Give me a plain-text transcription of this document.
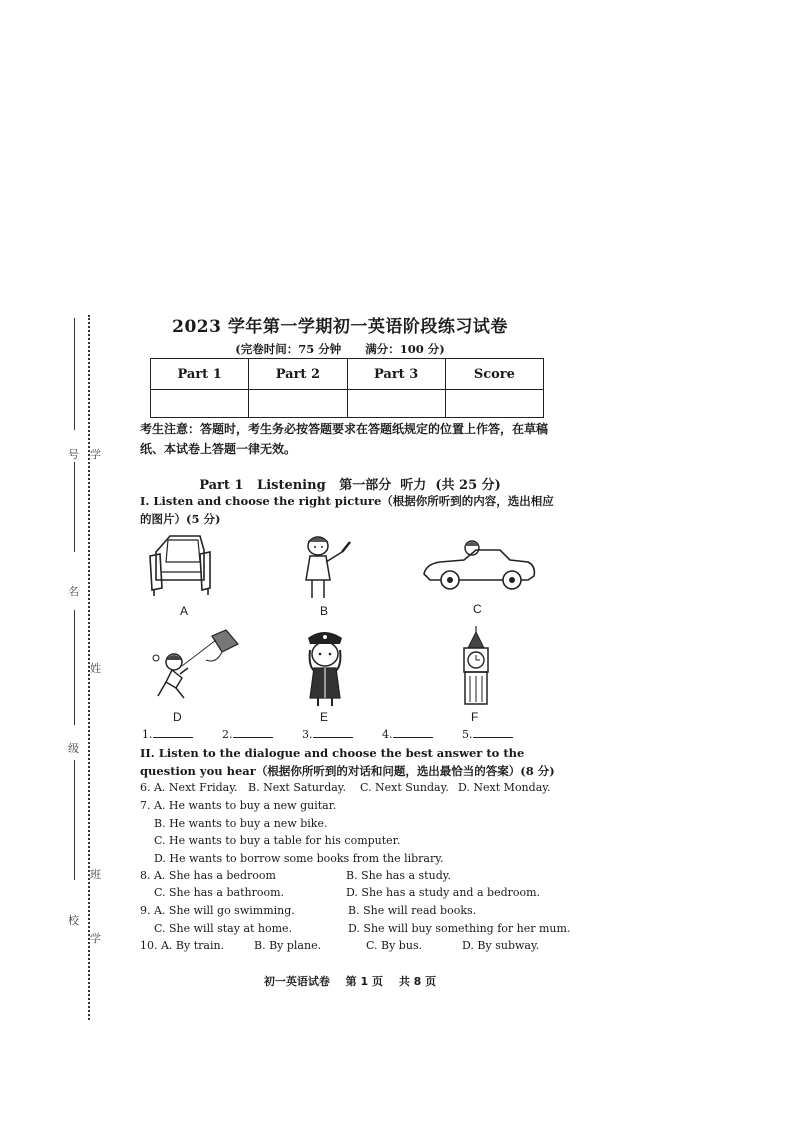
号 学
名
姓
级
班
校
学
2023 学年第一学期初一英语阶段练习试卷
(完卷时间：75 分钟 满分：100 分)
Part 1	Part 2	Part 3	Score

考生注意：答题时，考生务必按答题要求在答题纸规定的位置上作答，在草稿纸、本试卷上答题一律无效。
Part 1   Listening   第一部分  听力  (共 25 分)
I. Listen and choose the right picture（根据你所听到的内容，选出相应的图片）(5 分)
A	B	C
D	E	F
1.	2.	3.	4.	5.
II. Listen to the dialogue and choose the best answer to the question you hear（根据你所听到的对话和问题，选出最恰当的答案）(8 分)
6. A. Next Friday. B. Next Saturday. C. Next Sunday. D. Next Monday.
7. A. He wants to buy a new guitar.
B. He wants to buy a new bike.
C. He wants to buy a table for his computer.
D. He wants to borrow some books from the library.
8. A. She has a bedroom	B. She has a study.
C. She has a bathroom.	D. She has a study and a bedroom.
9. A. She will go swimming.	B. She will read books.
C. She will stay at home.	D. She will buy something for her mum.
10. A. By train.	B. By plane.	C. By bus.	D. By subway.
初一英语试卷 第 1 页 共 8 页
